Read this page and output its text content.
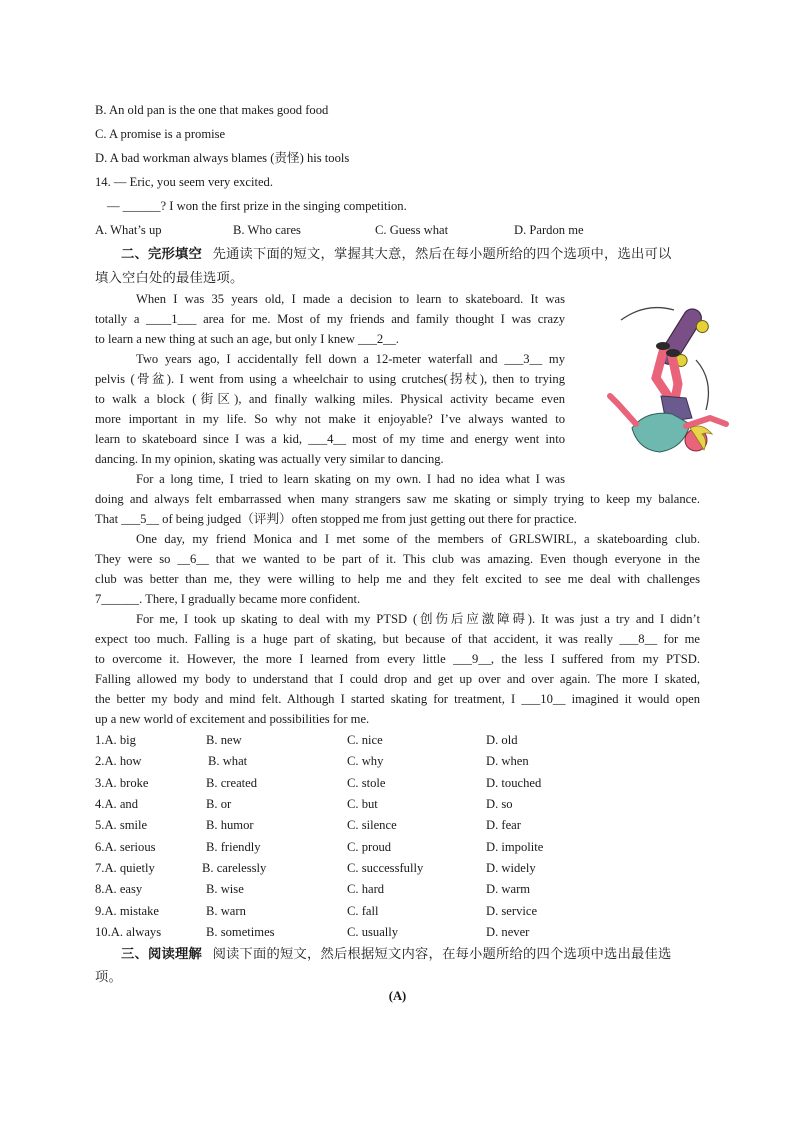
B. An old pan is the one that makes good food
C. A promise is a promise
D. A bad workman always blames (责怪) his tools
14. — Eric, you seem very excited.
— ______? I won the first prize in the singing competition.
A. What’s up	B. Who cares	C. Guess what	D. Pardon me
二、完形填空 先通读下面的短文，掌握其大意，然后在每小题所给的四个选项中，选出可以
填入空白处的最佳选项。
When I was 35 years old, I made a decision to learn to skateboard. It was
totally a ____1___ area for me. Most of my friends and family thought I was crazy
to learn a new thing at such an age, but only I knew ___2__.
Two years ago, I accidentally fell down a 12-meter waterfall and ___3__ my
pelvis (骨盆). I went from using a wheelchair to using crutches(拐杖), then to trying
to walk a block (街区), and finally walking miles. Physical activity became even
more important in my life. So why not make it enjoyable? I’ve always wanted to
learn to skateboard since I was a kid, ___4__ most of my time and energy went into
dancing. In my opinion, skating was actually very similar to dancing.
For a long time, I tried to learn skating on my own. I had no idea what I was
doing and always felt embarrassed when many strangers saw me skating or simply trying to keep my balance.
That ___5__ of being judged（评判）often stopped me from just getting out there for practice.
One day, my friend Monica and I met some of the members of GRLSWIRL, a skateboarding club.
They were so __6__ that we wanted to be part of it. This club was amazing. Even though everyone in the
club was better than me, they were willing to help me and they felt excited to see me deal with challenges
7______. There, I gradually became more confident.
For me, I took up skating to deal with my PTSD (创伤后应激障碍). It was just a try and I didn’t
expect too much. Falling is a huge part of skating, but because of that accident, it was really ___8__ for me
to overcome it. However, the more I learned from every little ___9__, the less I suffered from my PTSD.
Falling allowed my body to understand that I could drop and get up over and over again. The more I skated,
the better my body and mind felt. Although I started skating for treatment, I ___10__ imagined it would open
up a new world of excitement and possibilities for me.
1.A. big	B. new	C. nice	D. old
2.A. how	B. what	C. why	D. when
3.A. broke	B. created	C. stole	D. touched
4.A. and	B. or	C. but	D. so
5.A. smile	B. humor	C. silence	D. fear
6.A. serious	B. friendly	C. proud	D. impolite
7.A. quietly	B. carelessly	C. successfully	D. widely
8.A. easy	B. wise	C. hard	D. warm
9.A. mistake	B. warn	C. fall	D. service
10.A. always	B. sometimes	C. usually	D. never
三、阅读理解 阅读下面的短文，然后根据短文内容，在每小题所给的四个选项中选出最佳选
项。
(A)
